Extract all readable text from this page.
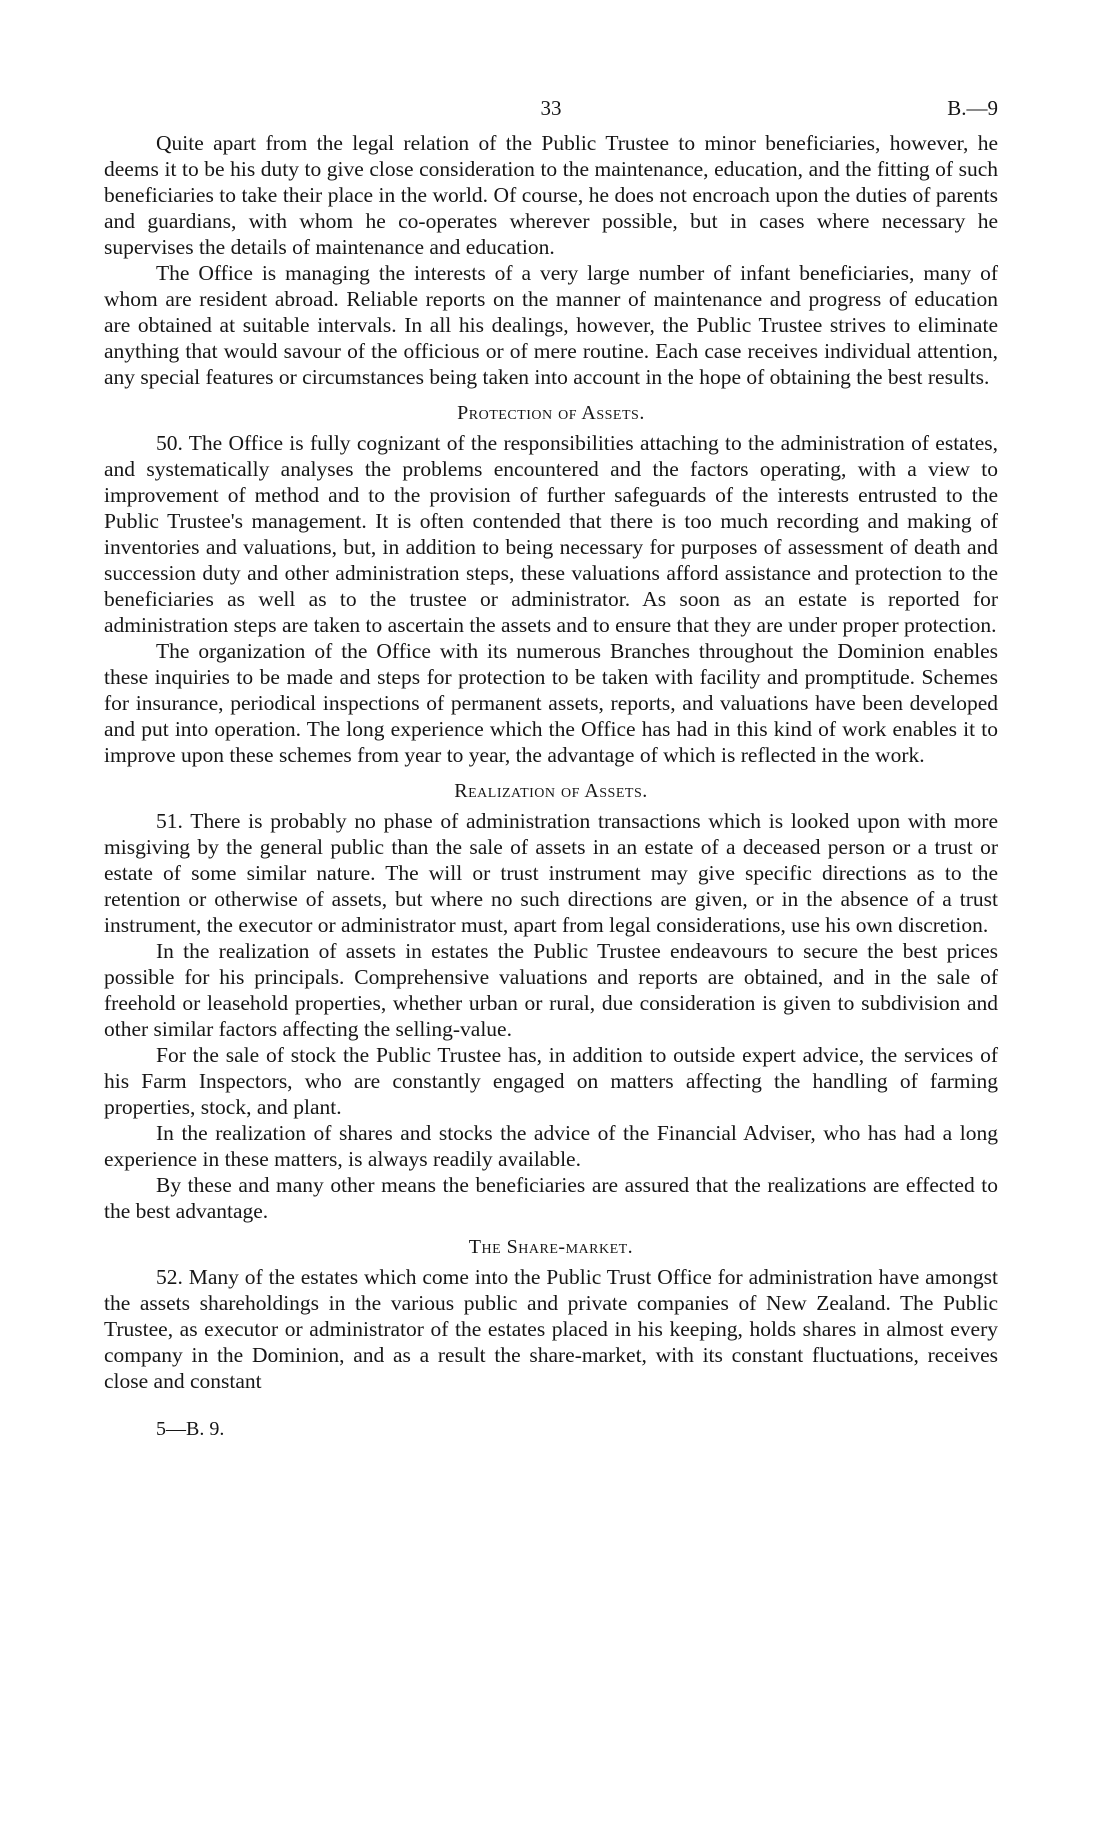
33	B.—9

Quite apart from the legal relation of the Public Trustee to minor beneficiaries, however, he deems it to be his duty to give close consideration to the maintenance, education, and the fitting of such beneficiaries to take their place in the world. Of course, he does not encroach upon the duties of parents and guardians, with whom he co-operates wherever possible, but in cases where necessary he supervises the details of maintenance and education.

The Office is managing the interests of a very large number of infant beneficiaries, many of whom are resident abroad. Reliable reports on the manner of maintenance and progress of education are obtained at suitable intervals. In all his dealings, however, the Public Trustee strives to eliminate anything that would savour of the officious or of mere routine. Each case receives individual attention, any special features or circumstances being taken into account in the hope of obtaining the best results.

Protection of Assets.

50. The Office is fully cognizant of the responsibilities attaching to the administration of estates, and systematically analyses the problems encountered and the factors operating, with a view to improvement of method and to the provision of further safeguards of the interests entrusted to the Public Trustee's management. It is often contended that there is too much recording and making of inventories and valuations, but, in addition to being necessary for purposes of assessment of death and succession duty and other administration steps, these valuations afford assistance and protection to the beneficiaries as well as to the trustee or administrator. As soon as an estate is reported for administration steps are taken to ascertain the assets and to ensure that they are under proper protection.

The organization of the Office with its numerous Branches throughout the Dominion enables these inquiries to be made and steps for protection to be taken with facility and promptitude. Schemes for insurance, periodical inspections of permanent assets, reports, and valuations have been developed and put into operation. The long experience which the Office has had in this kind of work enables it to improve upon these schemes from year to year, the advantage of which is reflected in the work.

Realization of Assets.

51. There is probably no phase of administration transactions which is looked upon with more misgiving by the general public than the sale of assets in an estate of a deceased person or a trust or estate of some similar nature. The will or trust instrument may give specific directions as to the retention or otherwise of assets, but where no such directions are given, or in the absence of a trust instrument, the executor or administrator must, apart from legal considerations, use his own discretion.

In the realization of assets in estates the Public Trustee endeavours to secure the best prices possible for his principals. Comprehensive valuations and reports are obtained, and in the sale of freehold or leasehold properties, whether urban or rural, due consideration is given to subdivision and other similar factors affecting the selling-value.

For the sale of stock the Public Trustee has, in addition to outside expert advice, the services of his Farm Inspectors, who are constantly engaged on matters affecting the handling of farming properties, stock, and plant.

In the realization of shares and stocks the advice of the Financial Adviser, who has had a long experience in these matters, is always readily available.

By these and many other means the beneficiaries are assured that the realizations are effected to the best advantage.

The Share-market.

52. Many of the estates which come into the Public Trust Office for administration have amongst the assets shareholdings in the various public and private companies of New Zealand. The Public Trustee, as executor or administrator of the estates placed in his keeping, holds shares in almost every company in the Dominion, and as a result the share-market, with its constant fluctuations, receives close and constant

5—B. 9.
